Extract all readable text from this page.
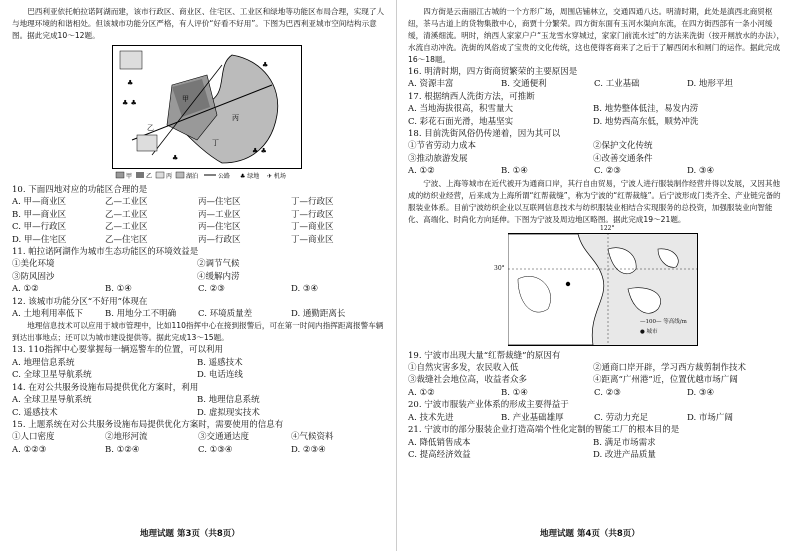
巴西利亚依托帕拉诺阿湖而建，该市行政区、商业区、住宅区、工业区和绿地等功能区布局合理，实现了人与地理环境的和谐相处。但该城市功能分区严格，有人评价“好看不好用”。下图为巴西利亚城市空间结构示意图。据此完成10～12题。

♣ ♣
♣ ♣
♣
♣
♣
甲
乙
丙
丁
甲 乙 丙 湖泊	公路 ♣ 绿地 ✈ 机场

10. 下面四地对应的功能区合理的是

A. 甲—商业区	乙—工业区	丙—住宅区	丁—行政区
B. 甲—商业区	乙—工业区	丙—工业区	丁—行政区
C. 甲—行政区	乙—工业区	丙—住宅区	丁—商业区
D. 甲—住宅区	乙—住宅区	丙—行政区	丁—商业区

11. 帕拉诺阿湖作为城市生态功能区的环境效益是

①美化环境	②调节气候
③防风固沙	④缓解内涝
A. ①②	B. ①④	C. ②③	D. ③④

12. 该城市功能分区“不好用”体现在

A. 土地利用率低下	B. 用地分工不明确	C. 环境质量差	D. 通勤距离长

地理信息技术可以应用于城市管理中，比如110指挥中心在接到报警后，可在第一时间内指挥距离报警车辆到达出事地点；还可以为城市建设提供等。据此完成13～15题。

13. 110指挥中心要掌握每一辆巡警车的位置，可以利用

A. 地理信息系统	B. 遥感技术
C. 全球卫星导航系统	D. 电话连线

14. 在对公共服务设施布局提供优化方案时，利用

A. 全球卫星导航系统	B. 地理信息系统
C. 遥感技术	D. 虚拟现实技术

15. 上题系统在对公共服务设施布局提供优化方案时，需要使用的信息有

①人口密度	②地形河流	③交通通达度	④气候资料
A. ①②③	B. ①②④	C. ①③④	D. ②③④
地理试题 第3页（共8页）

四方街是云南丽江古城的一个方形广场，周围店铺林立，交通四通八达。明清时期，此处是滇西北商贸枢纽，茶马古道上的货物集散中心，商贾十分繁荣。四方街东面有玉河水渠向东流，在四方街西部有一条小河缓缓，清溪细流。明时，纳西人家家户户“玉龙雪水穿城过，家家门前流水过”的方法来洗街（按开闸放水的办法），水流自动冲洗。洗街的风俗成了宝贵的文化传统，这也使得客商来了之后于了解西闭水和闸门的运作。据此完成16～18题。

16. 明清时期，四方街商贸繁荣的主要原因是

A. 资源丰富	B. 交通便利	C. 工业基础	D. 地形平坦

17. 根据纳西人洗街方法，可推断

A. 当地海拔很高，积雪量大	B. 地势整体低洼，易发内涝
C. 彩花石面光滑，地基坚实	D. 地势西高东低，顺势冲洗

18. 目前洗街风俗仍传递着，因为其可以

①节省劳动力成本	②保护文化传统
③推动旅游发展	④改善交通条件
A. ①②	B. ①④	C. ②③	D. ③④

宁波、上海等城市在近代被开为通商口岸，其行自由贸易，宁波人进行服装制作经营并得以发展，又因其他成的纺织业经营，后来成为上海所谓“红帮裁缝”，称为宁波的“红帮裁缝”。后宁波形成门类齐全、产业链完备的服装业体系。目前宁波纺织企业以互联网信息技术与纺织服装业相结合实现服务的总投资，加强服装业向智能化、高端化、时尚化方向延伸。下图为宁波及周边地区略图。据此完成19～21题。

122°
30°
—100— 等高线/m
● 城市

19. 宁波市出现大量“红帮裁缝”的原因有

①自然灾害多发，农民收入低	②通商口岸开辟，学习西方裁剪制作技术
③裁缝社会地位高，收益者众多	④距离“广州港”近，位置优越市场广阔
A. ①②	B. ①④	C. ②③	D. ③④

20. 宁波市服装产业体系的形成主要得益于

A. 技术先进	B. 产业基础雄厚	C. 劳动力充足	D. 市场广阔

21. 宁波市的部分服装企业打造高端个性化定制的智能工厂的根本目的是

A. 降低销售成本	B. 满足市场需求
C. 提高经济效益	D. 改进产品质量
地理试题 第4页（共8页）
